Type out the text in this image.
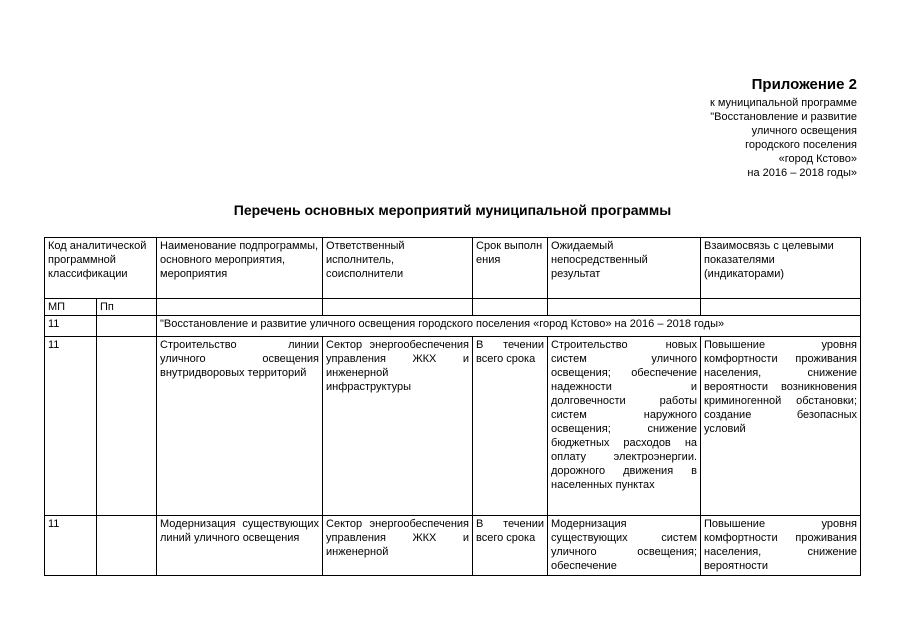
Приложение 2
к муниципальной программе
"Восстановление и развитие
уличного освещения
городского поселения
«город Кстово»
на 2016 – 2018 годы»
Перечень основных мероприятий муниципальной программы
Код аналитической программной классификации		Наименование подпрограммы, основного мероприятия, мероприятия	Ответственный исполнитель, соисполнители	Срок выполнения	Ожидаемый непосредственный результат	Взаимосвязь с целевыми показателями (индикаторами)
МП	Пп					
11		"Восстановление и развитие уличного освещения городского поселения «город Кстово» на 2016 – 2018 годы»				
11		Строительство линии уличного освещения внутридворовых территорий	Сектор энергообеспечения управления ЖКХ и инженерной инфраструктуры	В течении всего срока	Строительство новых систем уличного освещения; обеспечение надежности и долговечности работы систем наружного освещения; снижение бюджетных расходов на оплату электроэнергии. дорожного движения в населенных пунктах	Повышение уровня комфортности проживания населения, снижение вероятности возникновения криминогенной обстановки; создание безопасных условий

11		Модернизация существующих линий уличного освещения	Сектор энергообеспечения управления ЖКХ и инженерной	В течении всего срока	Модернизация существующих систем уличного освещения; обеспечение	Повышение уровня комфортности проживания населения, снижение вероятности
